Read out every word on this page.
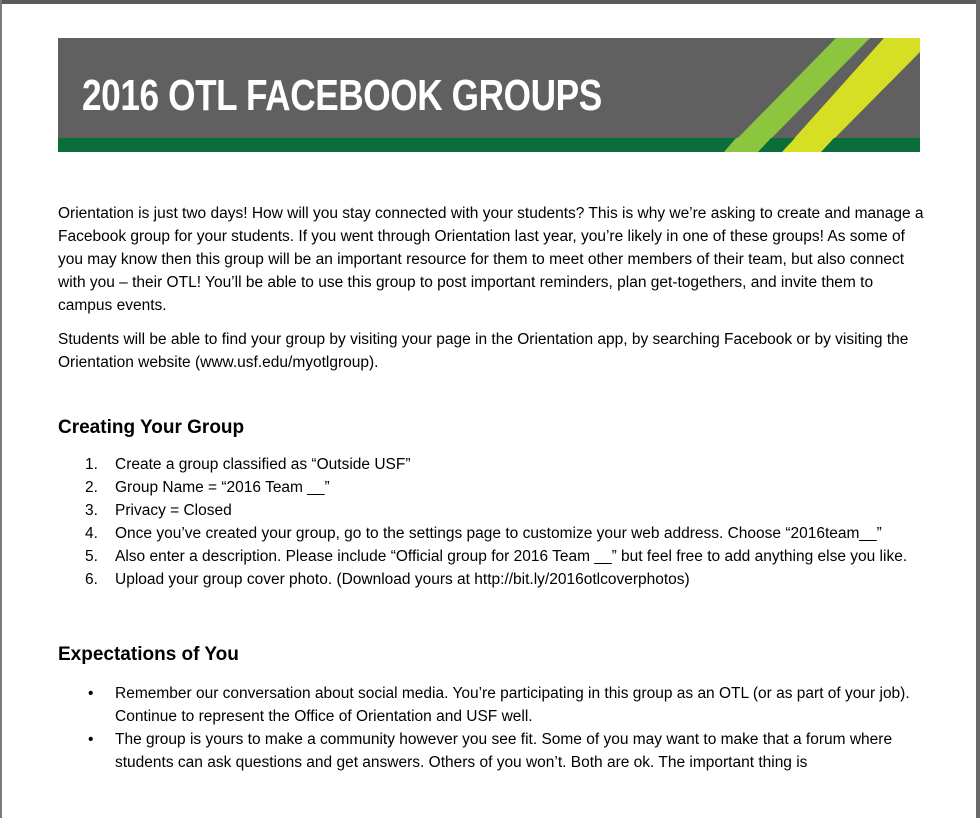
2016 OTL FACEBOOK GROUPS

Orientation is just two days! How will you stay connected with your students? This is why we’re asking to create and manage a Facebook group for your students. If you went through Orientation last year, you’re likely in one of these groups! As some of you may know then this group will be an important resource for them to meet other members of their team, but also connect with you – their OTL! You’ll be able to use this group to post important reminders, plan get-togethers, and invite them to campus events.

Students will be able to find your group by visiting your page in the Orientation app, by searching Facebook or by visiting the Orientation website (www.usf.edu/myotlgroup).

Creating Your Group
1. Create a group classified as “Outside USF”
2. Group Name = “2016 Team __”
3. Privacy = Closed
4. Once you’ve created your group, go to the settings page to customize your web address. Choose “2016team__”
5. Also enter a description. Please include “Official group for 2016 Team __” but feel free to add anything else you like.
6. Upload your group cover photo. (Download yours at http://bit.ly/2016otlcoverphotos)
Expectations of You
• Remember our conversation about social media. You’re participating in this group as an OTL (or as part of your job). Continue to represent the Office of Orientation and USF well.
• The group is yours to make a community however you see fit. Some of you may want to make that a forum where students can ask questions and get answers. Others of you won’t. Both are ok. The important thing is
